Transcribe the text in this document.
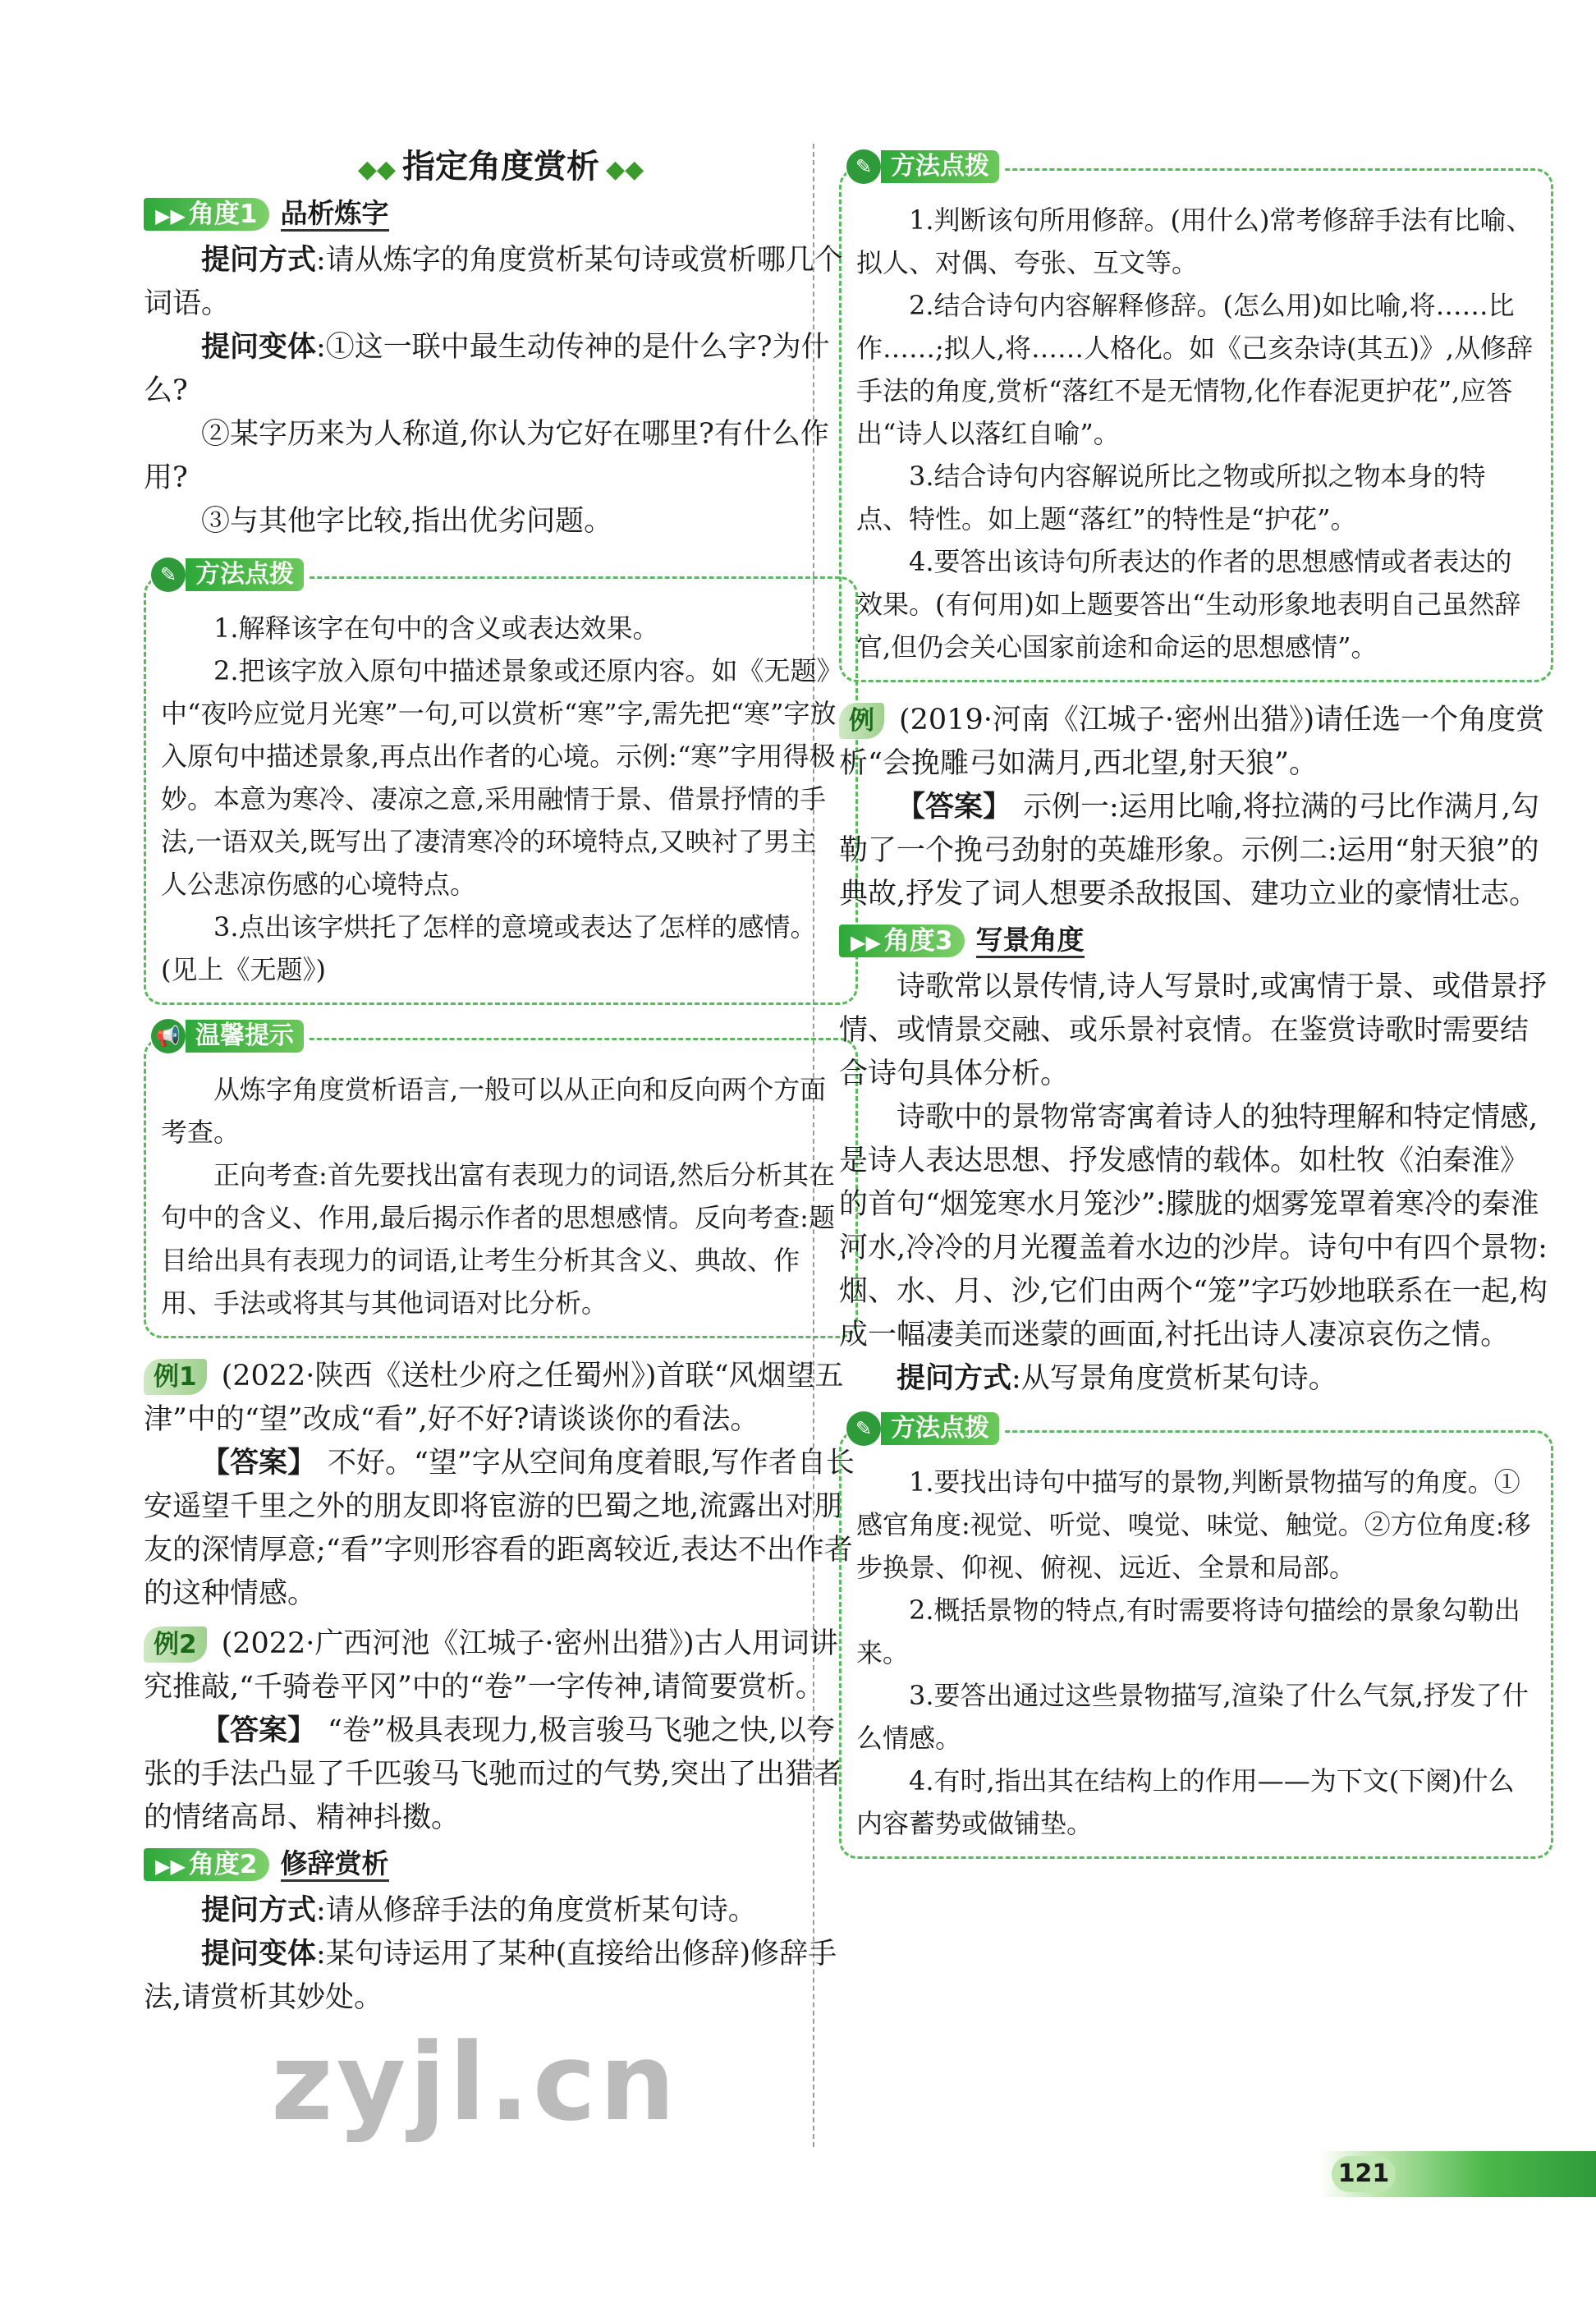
◆◆ 指定角度赏析 ◆◆
▶▶ 角度1 品析炼字

提问方式:请从炼字的角度赏析某句诗或赏析哪几个词语。

提问变体:①这一联中最生动传神的是什么字?为什么?

②某字历来为人称道,你认为它好在哪里?有什么作用?

③与其他字比较,指出优劣问题。

✎ 方法点拨

1.解释该字在句中的含义或表达效果。

2.把该字放入原句中描述景象或还原内容。如《无题》中“夜吟应觉月光寒”一句,可以赏析“寒”字,需先把“寒”字放入原句中描述景象,再点出作者的心境。示例:“寒”字用得极妙。本意为寒冷、凄凉之意,采用融情于景、借景抒情的手法,一语双关,既写出了凄清寒冷的环境特点,又映衬了男主人公悲凉伤感的心境特点。

3.点出该字烘托了怎样的意境或表达了怎样的感情。(见上《无题》)

📢 温馨提示

从炼字角度赏析语言,一般可以从正向和反向两个方面考查。

正向考查:首先要找出富有表现力的词语,然后分析其在句中的含义、作用,最后揭示作者的思想感情。反向考查:题目给出具有表现力的词语,让考生分析其含义、典故、作用、手法或将其与其他词语对比分析。

例1 (2022·陕西《送杜少府之任蜀州》)首联“风烟望五津”中的“望”改成“看”,好不好?请谈谈你的看法。

【答案】 不好。“望”字从空间角度着眼,写作者自长安遥望千里之外的朋友即将宦游的巴蜀之地,流露出对朋友的深情厚意;“看”字则形容看的距离较近,表达不出作者的这种情感。

例2 (2022·广西河池《江城子·密州出猎》)古人用词讲究推敲,“千骑卷平冈”中的“卷”一字传神,请简要赏析。

【答案】 “卷”极具表现力,极言骏马飞驰之快,以夸张的手法凸显了千匹骏马飞驰而过的气势,突出了出猎者的情绪高昂、精神抖擞。

▶▶ 角度2 修辞赏析

提问方式:请从修辞手法的角度赏析某句诗。

提问变体:某句诗运用了某种(直接给出修辞)修辞手法,请赏析其妙处。

✎ 方法点拨

1.判断该句所用修辞。(用什么)常考修辞手法有比喻、拟人、对偶、夸张、互文等。

2.结合诗句内容解释修辞。(怎么用)如比喻,将……比作……;拟人,将……人格化。如《己亥杂诗(其五)》,从修辞手法的角度,赏析“落红不是无情物,化作春泥更护花”,应答出“诗人以落红自喻”。

3.结合诗句内容解说所比之物或所拟之物本身的特点、特性。如上题“落红”的特性是“护花”。

4.要答出该诗句所表达的作者的思想感情或者表达的效果。(有何用)如上题要答出“生动形象地表明自己虽然辞官,但仍会关心国家前途和命运的思想感情”。

例 (2019·河南《江城子·密州出猎》)请任选一个角度赏析“会挽雕弓如满月,西北望,射天狼”。

【答案】 示例一:运用比喻,将拉满的弓比作满月,勾勒了一个挽弓劲射的英雄形象。示例二:运用“射天狼”的典故,抒发了词人想要杀敌报国、建功立业的豪情壮志。

▶▶ 角度3 写景角度

诗歌常以景传情,诗人写景时,或寓情于景、或借景抒情、或情景交融、或乐景衬哀情。在鉴赏诗歌时需要结合诗句具体分析。

诗歌中的景物常寄寓着诗人的独特理解和特定情感,是诗人表达思想、抒发感情的载体。如杜牧《泊秦淮》的首句“烟笼寒水月笼沙”:朦胧的烟雾笼罩着寒冷的秦淮河水,冷冷的月光覆盖着水边的沙岸。诗句中有四个景物:烟、水、月、沙,它们由两个“笼”字巧妙地联系在一起,构成一幅凄美而迷蒙的画面,衬托出诗人凄凉哀伤之情。

提问方式:从写景角度赏析某句诗。

✎ 方法点拨

1.要找出诗句中描写的景物,判断景物描写的角度。①感官角度:视觉、听觉、嗅觉、味觉、触觉。②方位角度:移步换景、仰视、俯视、远近、全景和局部。

2.概括景物的特点,有时需要将诗句描绘的景象勾勒出来。

3.要答出通过这些景物描写,渲染了什么气氛,抒发了什么情感。

4.有时,指出其在结构上的作用——为下文(下阕)什么内容蓄势或做铺垫。

zyjl.cn
121
